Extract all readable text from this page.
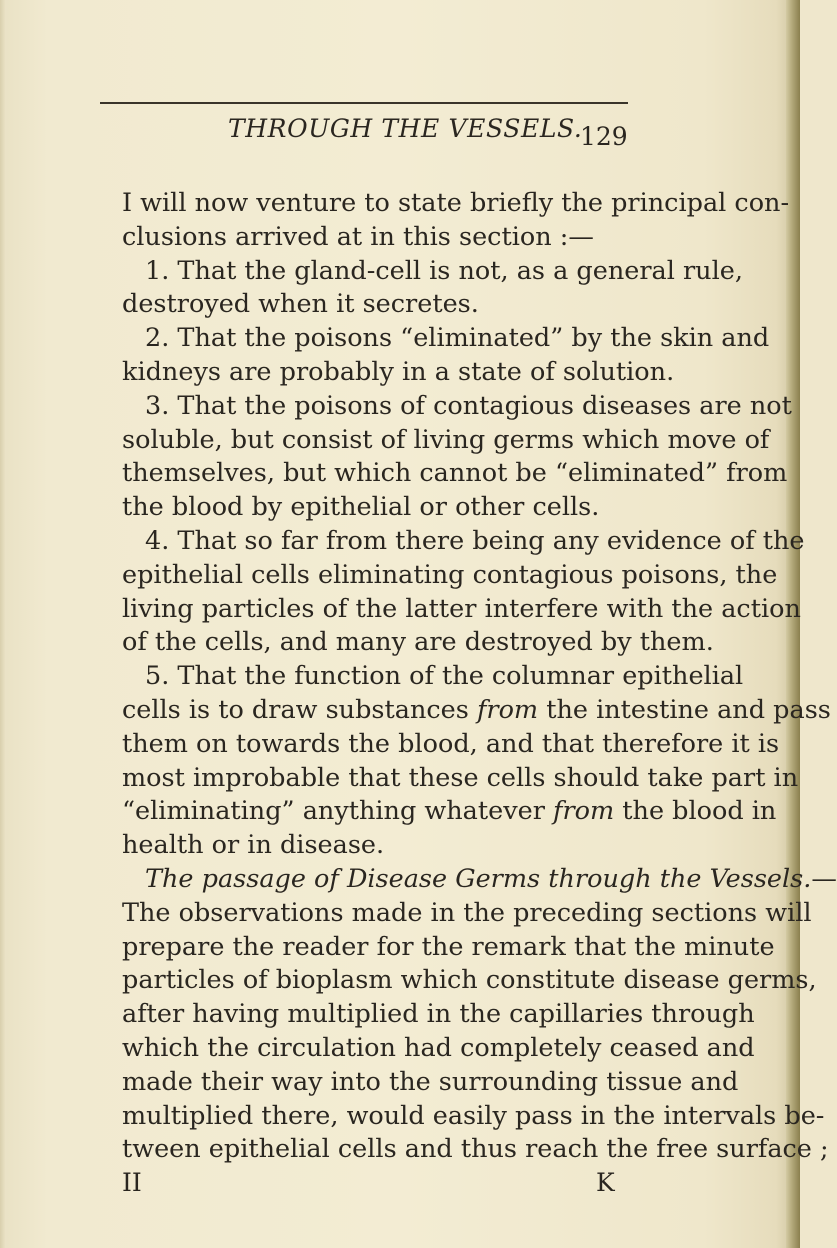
THROUGH THE VESSELS.
129
I will now venture to state briefly the principal con-
clusions arrived at in this section :—
1. That the gland-cell is not, as a general rule,
destroyed when it secretes.
2. That the poisons “eliminated” by the skin and
kidneys are probably in a state of solution.
3. That the poisons of contagious diseases are not
soluble, but consist of living germs which move of
themselves, but which cannot be “eliminated” from
the blood by epithelial or other cells.
4. That so far from there being any evidence of the
epithelial cells eliminating contagious poisons, the
living particles of the latter interfere with the action
of the cells, and many are destroyed by them.
5. That the function of the columnar epithelial
cells is to draw substances from the intestine and pass
them on towards the blood, and that therefore it is
most improbable that these cells should take part in
“eliminating” anything whatever from the blood in
health or in disease.
The passage of Disease Germs through the Vessels.—
The observations made in the preceding sections will
prepare the reader for the remark that the minute
particles of bioplasm which constitute disease germs,
after having multiplied in the capillaries through
which the circulation had completely ceased and
made their way into the surrounding tissue and
multiplied there, would easily pass in the intervals be-
tween epithelial cells and thus reach the free surface ;
II	K
